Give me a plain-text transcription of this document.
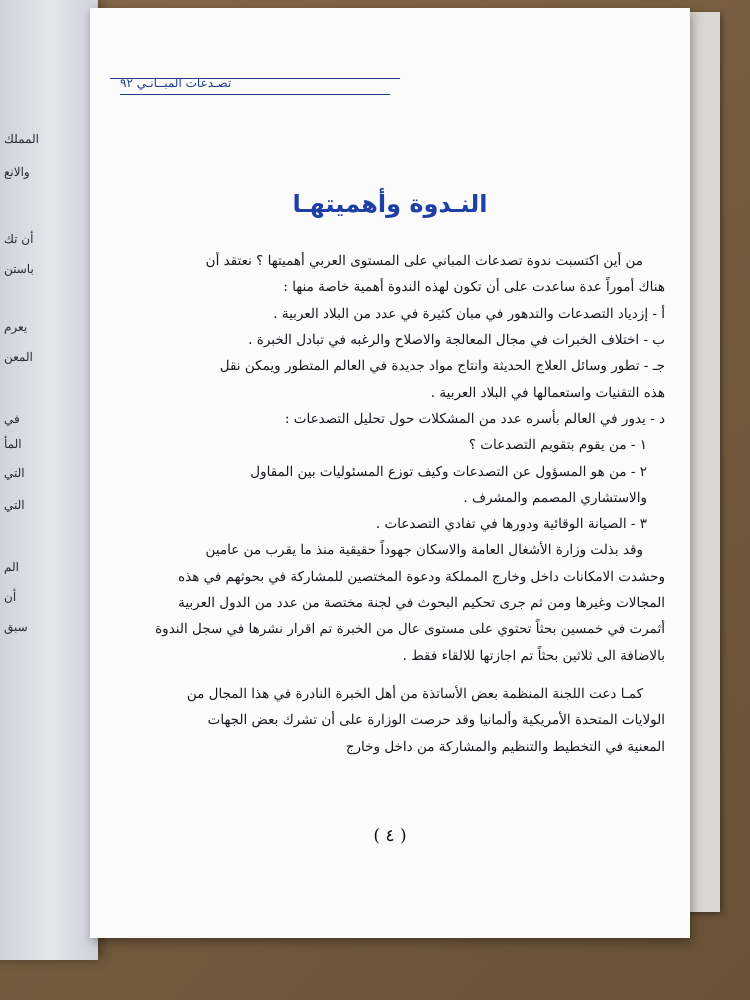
المملك
والانع
أن تك
باستن
يعرم
المعن
في
المأ
التي
التي
الم
أن
سبق
تصـدعات المبــانـي ٩٢
النـدوة وأهميتهـا

من أين اكتسبت ندوة تصدعات المباني على المستوى العربي أهميتها ؟ نعتقد أن

هناك أموراً عدة ساعدت على أن تكون لهذه الندوة أهمية خاصة منها :

أ - إزدياد التصدعات والتدهور في مبان كثيرة في عدد من البلاد العربية .

ب - اختلاف الخبرات في مجال المعالجة والاصلاح والرغبه في تبادل الخبرة .

جـ - تطور وسائل العلاج الحديثة وانتاج مواد جديدة في العالم المتطور ويمكن نقل

هذه التقنيات واستعمالها في البلاد العربية .

د - يدور في العالم بأسره عدد من المشكلات حول تحليل التصدعات :

١ - من يقوم بتقويم التصدعات ؟

٢ - من هو المسؤول عن التصدعات وكيف توزع المسئوليات بين المقاول

والاستشاري المصمم والمشرف .

٣ - الصيانة الوقائية ودورها في تفادي التصدعات .

وقد بذلت وزارة الأشغال العامة والاسكان جهوداً حقيقية منذ ما يقرب من عامين

وحشدت الامكانات داخل وخارج المملكة ودعوة المختصين للمشاركة في بحوثهم في هذه

المجالات وغيرها ومن ثم جرى تحكيم البحوث في لجنة مختصة من عدد من الدول العربية

أثمرت في خمسين بحثاً تحتوي على مستوى عال من الخبرة تم اقرار نشرها في سجل الندوة

بالاضافة الى ثلاثين بحثاً تم اجازتها للالقاء فقط .

كمـا دعت اللجنة المنظمة بعض الأساتذة من أهل الخبرة النادرة في هذا المجال من

الولايات المتحدة الأمريكية وألمانيا وقد حرصت الوزارة على أن تشرك بعض الجهات

المعنية في التخطيط والتنظيم والمشاركة من داخل وخارج

( ٤ )
